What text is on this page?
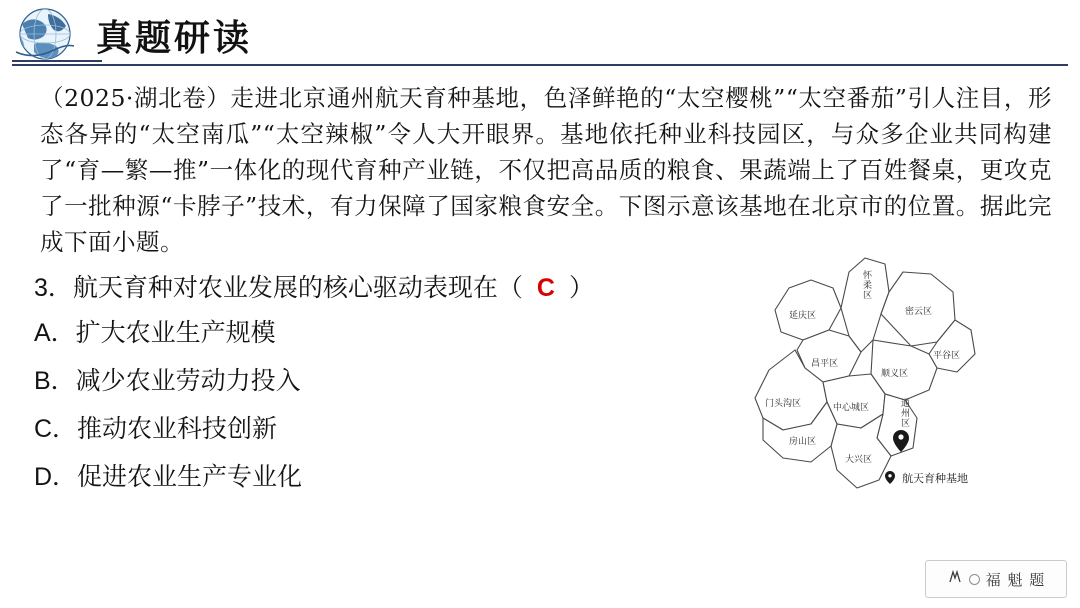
真题研读
（2025·湖北卷）走进北京通州航天育种基地，色泽鲜艳的“太空樱桃”“太空番茄”引人注目，形态各异的“太空南瓜”“太空辣椒”令人大开眼界。基地依托种业科技园区，与众多企业共同构建了“育—繁—推”一体化的现代育种产业链，不仅把高品质的粮食、果蔬端上了百姓餐桌，更攻克了一批种源“卡脖子”技术，有力保障了国家粮食安全。下图示意该基地在北京市的位置。据此完成下面小题。
3．航天育种对农业发展的核心驱动表现在（ C ）
A．扩大农业生产规模
B．减少农业劳动力投入
C．推动农业科技创新
D．促进农业生产专业化
怀柔区
延庆区	密云区
昌平区
顺义区
平谷区
门头沟区	中心城区	通州区
房山区
大兴区
航天育种基地
福 魁 题
